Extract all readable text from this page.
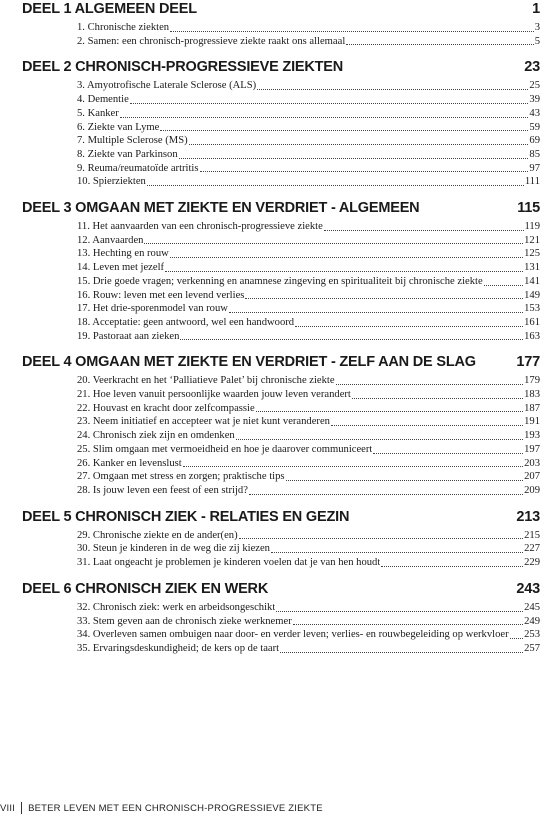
DEEL 1 ALGEMEEN DEEL	1
1. Chronische ziekten	3
2. Samen: een chronisch-progressieve ziekte raakt ons allemaal	5
DEEL 2 CHRONISCH-PROGRESSIEVE ZIEKTEN	23
3. Amyotrofische Laterale Sclerose (ALS)	25
4. Dementie	39
5. Kanker	43
6. Ziekte van Lyme	59
7. Multiple Sclerose (MS)	69
8. Ziekte van Parkinson	85
9. Reuma/reumatoïde artritis	97
10. Spierziekten	111
DEEL 3 OMGAAN MET ZIEKTE EN VERDRIET - ALGEMEEN	115
11. Het aanvaarden van een chronisch-progressieve ziekte	119
12. Aanvaarden	121
13. Hechting en rouw	125
14. Leven met jezelf	131
15. Drie goede vragen; verkenning en anamnese zingeving en spiritualiteit bij chronische ziekte	141
16. Rouw: leven met een levend verlies	149
17. Het drie-sporenmodel van rouw	153
18. Acceptatie: geen antwoord, wel een handwoord	161
19. Pastoraat aan zieken	163
DEEL 4 OMGAAN MET ZIEKTE EN VERDRIET - ZELF AAN DE SLAG	177
20. Veerkracht en het ‘Palliatieve Palet’ bij chronische ziekte	179
21. Hoe leven vanuit persoonlijke waarden jouw leven verandert	183
22. Houvast en kracht door zelfcompassie	187
23. Neem initiatief en accepteer wat je niet kunt veranderen	191
24. Chronisch ziek zijn en omdenken	193
25. Slim omgaan met vermoeidheid en hoe je daarover communiceert	197
26. Kanker en levenslust	203
27. Omgaan met stress en zorgen; praktische tips	207
28. Is jouw leven een feest of een strijd?	209
DEEL 5 CHRONISCH ZIEK - RELATIES EN GEZIN	213
29. Chronische ziekte en de ander(en)	215
30. Steun je kinderen in de weg die zij kiezen	227
31. Laat ongeacht je problemen je kinderen voelen dat je van hen houdt	229
DEEL 6 CHRONISCH ZIEK EN WERK	243
32. Chronisch ziek: werk en arbeidsongeschikt	245
33. Stem geven aan de chronisch zieke werknemer	249
34. Overleven samen ombuigen naar door- en verder leven; verlies- en rouwbegeleiding op werkvloer 253
35. Ervaringsdeskundigheid; de kers op de taart	257
VIII BETER LEVEN MET EEN CHRONISCH-PROGRESSIEVE ZIEKTE
